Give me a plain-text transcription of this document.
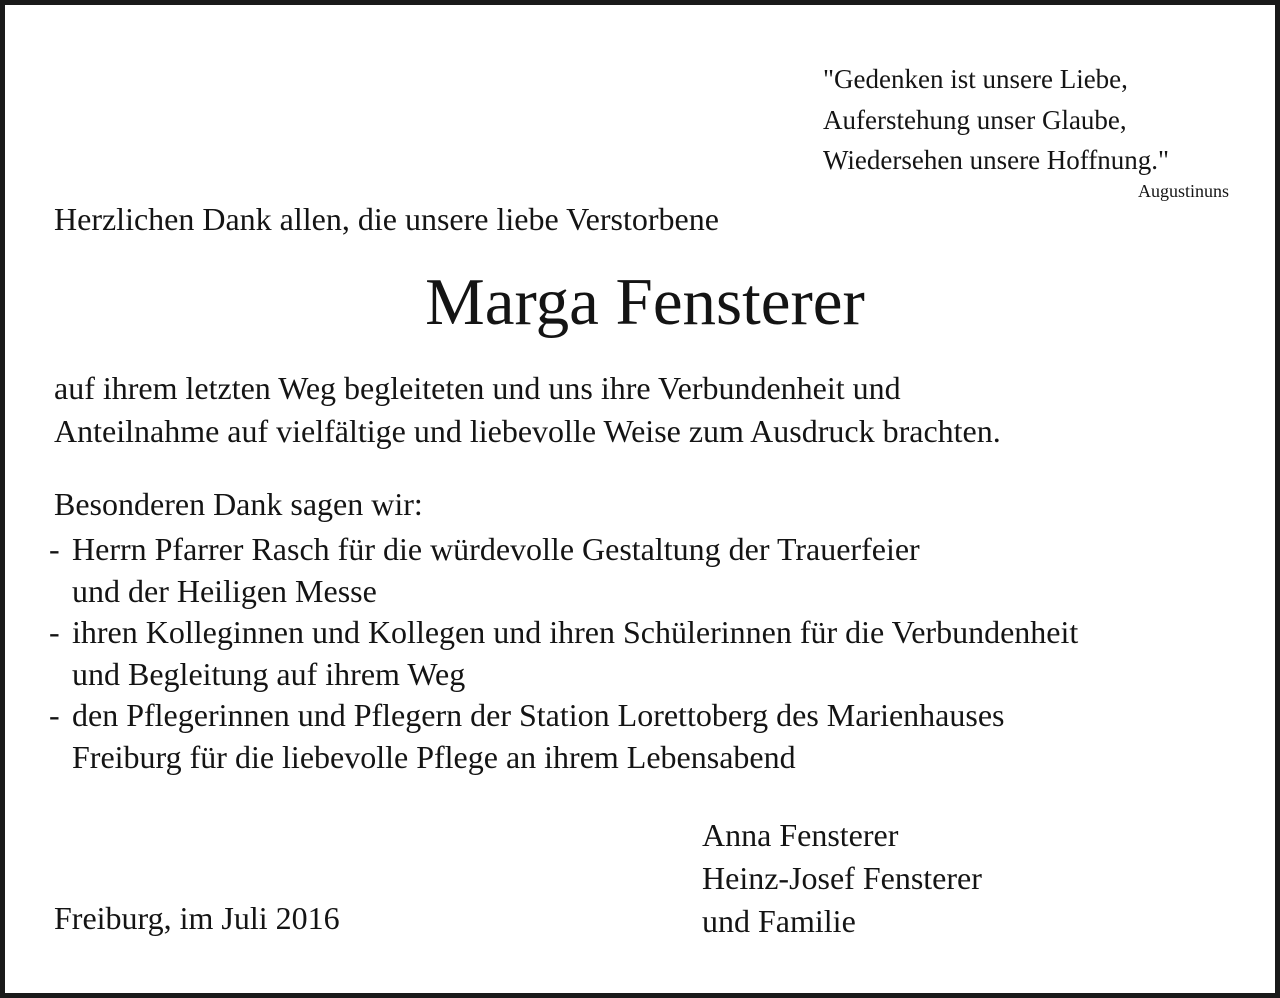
"Gedenken ist unsere Liebe,
Auferstehung unser Glaube,
Wiedersehen unsere Hoffnung."
Augustinuns
Herzlichen Dank allen, die unsere liebe Verstorbene
Marga Fensterer
auf ihrem letzten Weg begleiteten und uns ihre Verbundenheit und
Anteilnahme auf vielfältige und liebevolle Weise zum Ausdruck brachten.
Besonderen Dank sagen wir:
- Herrn Pfarrer Rasch für die würdevolle Gestaltung der Trauerfeier
und der Heiligen Messe
- ihren Kolleginnen und Kollegen und ihren Schülerinnen für die Verbundenheit
und Begleitung auf ihrem Weg
- den Pflegerinnen und Pflegern der Station Lorettoberg des Marienhauses
Freiburg für die liebevolle Pflege an ihrem Lebensabend
Freiburg, im Juli 2016
Anna Fensterer
Heinz-Josef Fensterer
und Familie
